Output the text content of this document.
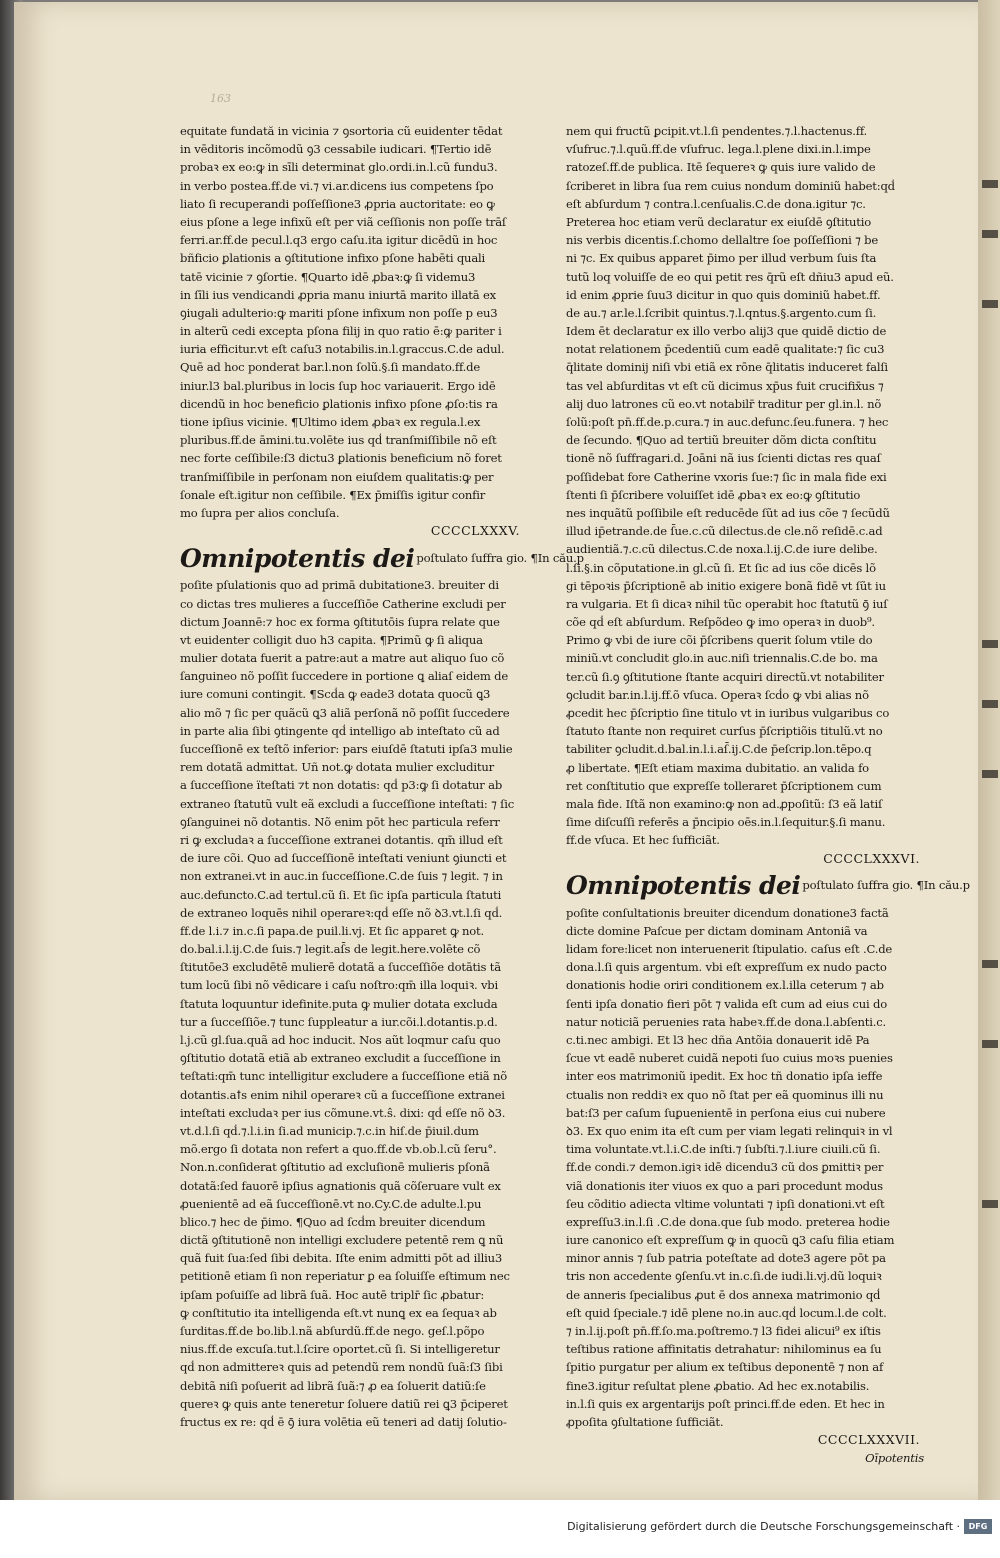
163
equitate fundată in vicinia ⁊ ꝯsortoria cũ euidenter tēdat
in vēditoris incõmodũ ꝯ3 cessabile iudicari. ¶Tertio idē
probaꝛ ex eo:ꝙ in sīli determinat glo.ordi.in.l.cũ fundu3.
in verbo postea.ff.de vi.⁊ vi.ar.dicens ius competens ſpo
liato ſi recuperandi poſſeſſione3 ꝓpria auctoritate: eo ꝙ
eius pſone a lege infixũ eſt per viã ceſſionis non poſſe trāſ
ferri.ar.ff.de pecul.l.q3 ergo caſu.ita igitur dicēdũ in hoc
bñficio ꝑlationis a ꝯſtitutione infixo pſone habēti quali
tatē vicinie ⁊ ꝯſortie. ¶Quarto idē ꝓbaꝛ:ꝙ ſi videmu3
in ſīli ius vendicandi ꝓpria manu iniurtā marito illatā ex
ꝯiugali adulterio:ꝙ mariti pſone infixum non poſſe p eu3
in alterũ cedi excepta pſona filij in quo ratio ē:ꝙ pariter i
iuria efficitur.vt eſt caſu3 notabilis.in.l.graccus.C.de adul.
Quē ad hoc ponderat bar.l.non ſolũ.§.ſi mandato.ff.de
iniur.l3 bal.pluribus in locis ſup hoc variauerit. Ergo idē
dicendũ in hoc beneficio ꝑlationis infixo pſone ꝓſo:tis ra
tione ipſius vicinie. ¶Ultimo idem ꝓbaꝛ ex regula.l.ex
pluribus.ff.de āmini.tu.volēte ius qḋ tranſmiſſibile nõ eſt
nec forte ceſſibile:ſ3 dictu3 ꝑlationis beneficium nõ foret
tranſmiſſibile in perſonam non eiuſdem qualitatis:ꝙ per
ſonale eſt.igitur non ceſſibile. ¶Ex p̄miſſis igitur confir
mo ſupra per alios concluſa.
CCCCLXXXV.
Omnipotentis dei poſtulato ſuffra gio. ¶In cău.p
poſite pſulationis quo ad primā dubitatione3. breuiter di
co dictas tres mulieres a ſucceſſiōe Catherine excludi per
dictum Joannē:⁊ hoc ex forma ꝯſtitutōis ſupra relate que
vt euidenter colligit duo h3 capita. ¶Primũ ꝙ ſi aliqua
mulier dotata fuerit a patre:aut a matre aut aliquo ſuo cõ
ſanguineo nõ poſſit ſuccedere in portione ꝗ aliaſ eidem de
iure comuni contingit. ¶Scḋa ꝙ eade3 dotata quocũ ꝗ3
alio mõ ⁊ ſic per quãcũ ꝗ3 aliã perſonã nõ poſſit ſuccedere
in parte alia ſibi ꝯtingente qḋ intelligo ab inteſtato cũ ad
ſucceſſionē ex teſtõ inferior: pars eiuſdē ſtatuti ipſa3 mulie
rem dotatã admittat. Uñ not.ꝙ dotata mulier excluditur
a ſucceſſione ïteſtati ⁊t non dotatis: qḋ p3:ꝙ ſi dotatur ab
extraneo ſtatutũ vult eã excludi a ſucceſſione inteſtati: ⁊ ſic
ꝯſanguinei nõ dotantis. Nõ enim pōt hec particula referr
ri ꝙ excludaꝛ a ſucceſſione extranei dotantis. qm̄ illud eſt
de iure cõi. Quo ad ſucceſſionē inteſtati veniunt ꝯiuncti et
non extranei.vt in auc.in ſucceſſione.C.de ſuis ⁊ legit. ⁊ in
auc.defuncto.C.ad tertul.cũ ſi. Et ſic ipſa particula ſtatuti
de extraneo loquēs nihil operareꝛ:qḋ eſſe nõ ꝺ3.vt.l.ſi qḋ.
ff.de l.i.⁊ in.c.ſi papa.de puil.li.vj. Et ſic apparet ꝙ not.
do.bal.i.l.ij.C.de ſuis.⁊ legit.aſ̄s de legit.here.volēte cõ
ſtitutōe3 excludētē mulierē dotatã a ſucceſſiõe dotātis tã
tum locũ ſibi nõ vēdicare i caſu noſtro:qm̄ illa loquiꝛ. vbi
ſtatuta loquuntur idefinite.puta ꝙ mulier dotata excluda
tur a ſucceſſiõe.⁊ tunc ſuppleatur a iur.cõi.l.dotantis.p.d.
l.j.cũ gl.ſua.quã ad hoc inducit. Nos aũt loqmur caſu quo
ꝯſtitutio dotatã etiã ab extraneo excludit a ſucceſſione in
teſtati:qm̄ tunc intelligitur excludere a ſucceſſione etiã nõ
dotantis.aꝉs enim nihil operareꝛ cũ a ſucceſſione extranei
inteſtati excludaꝛ per ius cõmune.vt.ŝ. dixi: qḋ eſſe nõ ꝺ3.
vt.d.l.ſi qḋ.⁊.l.i.in ſi.ad municip.⁊.c.in hiſ.de p̄iuil.dum
mõ.ergo ſi dotata non refert a quo.ff.de vb.ob.l.cũ ſeru°.
Non.n.conſiderat ꝯſtitutio ad excluſionē mulieris pſonã
dotatã:ſed fauorē ipſius agnationis quã cõſeruare vult ex
ꝓuenientē ad eã ſucceſſionē.vt no.Cy.C.de adulte.l.pu
blico.⁊ hec de p̄imo. ¶Quo ad ſcḋm breuiter dicendum
dictã ꝯſtitutionē non intelligi excludere petentē rem ꝗ nũ
quã fuit ſua:ſed ſibi debita. Iſte enim admitti pōt ad illiu3
petitionē etiam ſi non reperiatur ꝑ ea ſoluiſſe eſtimum nec
ipſam poſuiſſe ad librã ſuã. Hoc autē triplr̄ ſic ꝓbatur:
ꝙ conſtitutio ita intelligenda eſt.vt nunꝗ ex ea ſequaꝛ ab
ſurditas.ff.de bo.lib.l.nã abſurdũ.ff.de nego. geſ.l.põpo
nius.ff.de excuſa.tut.l.ſcire oportet.cũ ſi. Si intelligeretur
qḋ non admittereꝛ quis ad petendũ rem nondũ ſuã:ſ3 ſibi
debitã niſi poſuerit ad librã ſuã:⁊ ꝓ ea ſoluerit datiũ:ſe
quereꝛ ꝙ quis ante teneretur ſoluere datiũ rei ꝗ3 p̄ciperet
fructus ex re: qḋ ē ꝯ̄ iura volētia eũ teneri ad datij ſolutio-
nem qui fructũ ꝑcipit.vt.l.ſi pendentes.⁊.l.hactenus.ff.
vſufruc.⁊.l.quũ.ff.de vſufruc. lega.l.plene dixi.in.l.impe
ratozeſ.ff.de publica. Itē ſequereꝛ ꝙ quis iure valido de
ſcriberet in libra ſua rem cuius nondum dominiũ habet:qḋ
eſt abſurdum ⁊ contra.l.cenſualis.C.de dona.igitur ⁊c.
Preterea hoc etiam verũ declaratur ex eiuſdē ꝯſtitutio
nis verbis dicentis.ſ.chomo dellaltre ſoe poſſeſſioni ⁊ be
ni ⁊c. Ex quibus apparet p̄imo per illud verbum ſuis ſta
tutũ loq voluiſſe de eo qui petit res q̄rũ eſt dñiu3 apud eũ.
id enim ꝓprie ſuu3 dicitur in quo quis dominiũ habet.ff.
de au.⁊ ar.le.l.ſcribit quintus.⁊.l.qntus.§.argento.cum ſi.
Idem ēt declaratur ex illo verbo alij3 que quidē dictio de
notat relationem p̄cedentiũ cum eadē qualitate:⁊ ſic cu3
q̄litate dominij niſi vbi etiã ex rōne q̄litatis induceret falſi
tas vel abſurditas vt eſt cũ dicimus xp̄us fuit crucifix̄us ⁊
alij duo latrones cũ eo.vt notabilr̄ traditur per gl.in.l. nõ
ſolũ:poſt pn̄.ff.de.p.cura.⁊ in auc.defunc.ſeu.funera. ⁊ hec
de ſecundo. ¶Quo ad tertiũ breuiter dõm dicta conſtitu
tionē nõ ſuffragari.d. Joāni nã ius ſcienti dictas res quaſ
poſſidebat fore Catherine vxoris ſue:⁊ ſic in mala fide exi
ſtenti ſi p̄ſcribere voluiſſet idē ꝓbaꝛ ex eo:ꝙ ꝯſtitutio
nes inquãtũ poſſibile eſt reducēde ſũt ad ius cõe ⁊ ſecũdũ
illud ip̄etrande.de ſ̄ue.c.cũ dilectus.de cle.nõ reſidē.c.ad
audientiã.⁊.c.cũ dilectus.C.de noxa.l.ij.C.de iure delibe.
l.ſi.§.in cõputatione.in gl.cũ ſi. Et ſic ad ius cõe dicēs lõ
gi tēpoꝛis p̄ſcriptionē ab initio exigere bonã fidē vt ſũt iu
ra vulgaria. Et ſi dicaꝛ nihil tũc operabit hoc ſtatutũ ꝯ̄ iuſ
cõe qḋ eſt abſurdum. Reſpõdeo ꝙ imo operaꝛ in duob⁹.
Primo ꝙ vbi de iure cõi p̄ſcribens querit ſolum vtile do
miniũ.vt concludit glo.in auc.niſi triennalis.C.de bo. ma
ter.cũ ſi.ꝯ ꝯſtitutione ſtante acquiri directũ.vt notabiliter
ꝯcludit bar.in.l.ij.ff.õ vſuca. Operaꝛ ſcḋo ꝙ vbi alias nõ
ꝓcedit hec p̄ſcriptio ſine titulo vt in iuribus vulgaribus co
ſtatuto ſtante non requiret curſus p̄ſcriptiõis titulũ.vt no
tabiliter ꝯcludit.d.bal.in.l.i.aſ̄.ij.C.de p̄eſcrip.lon.tēpo.q
ꝓ libertate. ¶Eſt etiam maxima dubitatio. an valida fo
ret conſtitutio que expreſſe tolleraret p̄ſcriptionem cum
mala fide. Iſtã non examino:ꝙ non ad.ꝓpoſitũ: ſ3 eã latiſ
ſime diſcuſſi referēs a p̄ncipio oēs.in.l.ſequitur.§.ſi manu.
ff.de vſuca. Et hec ſufficiãt.
CCCCLXXXVI.
Omnipotentis dei poſtulato ſuffra gio. ¶In cău.p
poſite conſultationis breuiter dicendum donatione3 factã
dicte domine Paſcue per dictam dominam Antoniã va
lidam fore:licet non interuenerit ſtipulatio. caſus eſt .C.de
dona.l.ſi quis argentum. vbi eſt expreſſum ex nudo pacto
donationis hodie oriri conditionem ex.l.illa ceterum ⁊ ab
ſenti ipſa donatio fieri pōt ⁊ valida eſt cum ad eius cui do
natur noticiã peruenies rata habeꝛ.ff.de dona.l.abſenti.c.
c.ti.nec ambigi. Et l3 hec dña Antõia donauerit idē Pa
ſcue vt eadē nuberet cuidã nepoti ſuo cuius moꝛs puenies
inter eos matrimoniũ ipedit. Ex hoc tñ donatio ipſa ieffe
ctualis non reddiꝛ ex quo nõ ſtat per eã quominus illi nu
bat:ſ3 per caſum ſuꝑuenientē in perſona eius cui nubere
ꝺ3. Ex quo enim ita eſt cum per viam legati relinquiꝛ in vl
tima voluntate.vt.l.i.C.de inſti.⁊ ſubſti.⁊.l.iure ciuili.cũ ſi.
ff.de condi.⁊ demon.igiꝛ idē dicendu3 cũ dos ꝑmittiꝛ per
viã donationis iter viuos ex quo a pari procedunt modus
ſeu cõditio adiecta vltime voluntati ⁊ ipſi donationi.vt eſt
expreſſu3.in.l.ſi .C.de dona.que ſub modo. preterea hodie
iure canonico eſt expreſſum ꝙ in quocũ ꝗ3 caſu filia etiam
minor annis ⁊ ſub patria poteſtate ad dote3 agere pōt pa
tris non accedente ꝯſenſu.vt in.c.ſi.de iudi.li.vj.dũ loquiꝛ
de anneris ſpecialibus ꝓut ē dos annexa matrimonio qḋ
eſt quid ſpeciale.⁊ idē plene no.in auc.qḋ locum.l.de colt.
⁊ in.l.ij.poſt pn̄.ff.ſo.ma.poſtremo.⁊ l3 fidei alicui⁹ ex iſtis
teſtibus ratione affinitatis detrahatur: nihilominus ea ſu
ſpitio purgatur per alium ex teſtibus deponentē ⁊ non af
fine3.igitur reſultat plene ꝓbatio. Ad hec ex.notabilis.
in.l.ſi quis ex argentarijs poſt princi.ff.de eden. Et hec in
ꝓpoſita ꝯſultatione ſufficiãt.
CCCCLXXXVII.
Oīpotentis
Digitalisierung gefördert durch die Deutsche Forschungsgemeinschaft ·	DFG
